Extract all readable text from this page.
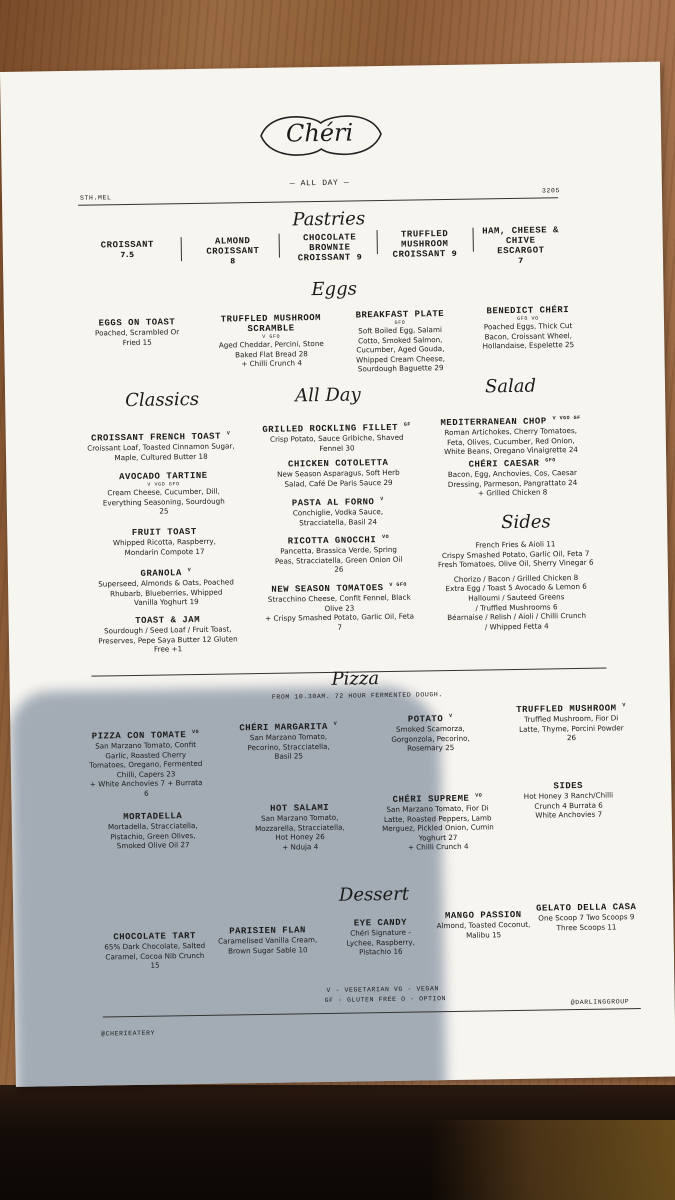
Chéri
— ALL DAY —
STH.MEL
3205
Pastries
CROISSANT
7.5
ALMOND CROISSANT
8
CHOCOLATE BROWNIE CROISSANT 9
TRUFFLED MUSHROOM CROISSANT 9
HAM, CHEESE & CHIVE ESCARGOT
7
Eggs
EGGS ON TOAST
Poached, Scrambled Or Fried 15
TRUFFLED MUSHROOM SCRAMBLE
V GFO
Aged Cheddar, Percini, Stone Baked Flat Bread 28
+ Chilli Crunch 4
BREAKFAST PLATE
GFO
Soft Boiled Egg, Salami Cotto, Smoked Salmon, Cucumber, Aged Gouda, Whipped Cream Cheese, Sourdough Baguette 29
BENEDICT CHÉRI
GFO VO
Poached Eggs, Thick Cut Bacon, Croissant Wheel, Hollandaise, Espelette 25
Classics
CROISSANT FRENCH TOAST $^V$
Croissant Loaf, Toasted Cinnamon Sugar, Maple, Cultured Butter 18
AVOCADO TARTINE
V VGO GFO
Cream Cheese, Cucumber, Dill, Everything Seasoning, Sourdough 25
FRUIT TOAST
Whipped Ricotta, Raspberry, Mondarin Compote 17
GRANOLA $^V$
Superseed, Almonds & Oats, Poached Rhubarb, Blueberries, Whipped Vanilla Yoghurt 19
TOAST & JAM
Sourdough / Seed Loaf / Fruit Toast, Preserves, Pepe Saya Butter 12 Gluten Free +1
All Day
GRILLED ROCKLING FILLET $^{GF}$
Crisp Potato, Sauce Gribiche, Shaved Fennel 30
CHICKEN COTOLETTA
New Season Asparagus, Soft Herb Salad, Café De Paris Sauce 29
PASTA AL FORNO $^V$
Conchiglie, Vodka Sauce, Stracciatella, Basil 24
RICOTTA GNOCCHI $^{VO}$
Pancetta, Brassica Verde, Spring Peas, Stracciatella, Green Onion Oil 26
NEW SEASON TOMATOES $^{V GFO}$
Stracchino Cheese, Confit Fennel, Black Olive 23
+ Crispy Smashed Potato, Garlic Oil, Feta 7
Salad
MEDITERRANEAN CHOP $^{V VGO GF}$
Roman Artichokes, Cherry Tomatoes, Feta, Olives, Cucumber, Red Onion, White Beans, Oregano Vinaigrette 24
CHÉRI CAESAR $^{GFO}$
Bacon, Egg, Anchovies, Cos, Caesar Dressing, Parmeson, Pangrattato 24
+ Grilled Chicken 8
Sides
French Fries & Aioli 11
Crispy Smashed Potato, Garlic Oil, Feta 7
Fresh Tomatoes, Olive Oil, Sherry Vinegar 6
Chorizo / Bacon / Grilled Chicken 8
Extra Egg / Toast 5 Avocado & Lemon 6
Halloumi / Sauteed Greens
/ Truffled Mushrooms 6
Béarnaise / Relish / Aioli / Chilli Crunch
/ Whipped Fetta 4
Pizza
FROM 10.30AM. 72 HOUR FERMENTED DOUGH.
PIZZA CON TOMATE $^{VG}$
San Marzano Tomato, Confit Garlic, Roasted Cherry Tomatoes, Oregano, Fermented Chilli, Capers 23
+ White Anchovies 7 + Burrata 6
CHÉRI MARGARITA $^V$
San Marzano Tomato, Pecorino, Stracciatella, Basil 25
POTATO $^V$
Smoked Scamorza, Gorgonzola, Pecorino, Rosemary 25
TRUFFLED MUSHROOM $^V$
Truffled Mushroom, Fior Di Latte, Thyme, Porcini Powder 26
MORTADELLA
Mortadella, Stracciatella, Pistachio, Green Olives, Smoked Olive Oil 27
HOT SALAMI
San Marzano Tomato, Mozzarella, Stracciatella, Hot Honey 26
+ Nduja 4
CHÉRI SUPREME $^{VO}$
San Marzano Tomato, Fior Di Latte, Roasted Peppers, Lamb Merguez, Pickled Onion, Cumin Yoghurt 27
+ Chilli Crunch 4
SIDES
Hot Honey 3 Ranch/Chilli Crunch 4 Burrata 6 White Anchovies 7
Dessert
CHOCOLATE TART
65% Dark Chocolate, Salted Caramel, Cocoa Nib Crunch 15
PARISIEN FLAN
Caramelised Vanilla Cream, Brown Sugar Sable 10
EYE CANDY
Chéri Signature - Lychee, Raspberry, Pistachio 16
MANGO PASSION
Almond, Toasted Coconut, Malibu 15
GELATO DELLA CASA
One Scoop 7 Two Scoops 9 Three Scoops 11
V - VEGETARIAN VG - VEGAN
GF - GLUTEN FREE O - OPTION
@CHERIEATERY
@DARLINGGROUP
